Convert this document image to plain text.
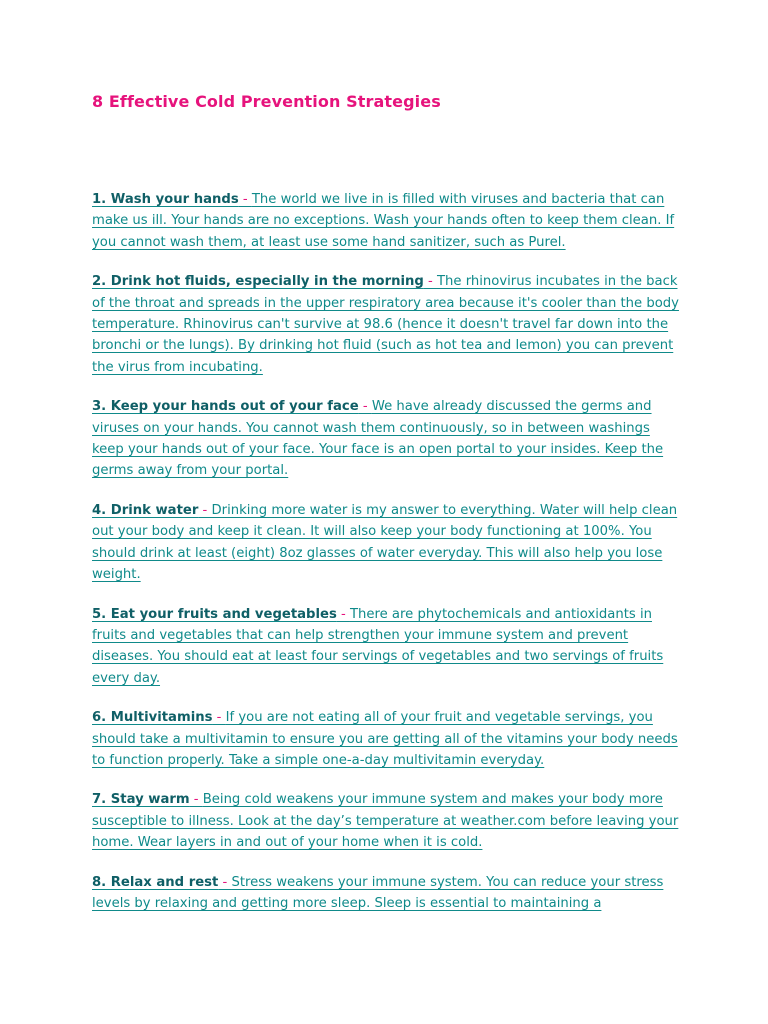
8 Effective Cold Prevention Strategies
1. Wash your hands - The world we live in is filled with viruses and bacteria that can make us ill. Your hands are no exceptions. Wash your hands often to keep them clean. If you cannot wash them, at least use some hand sanitizer, such as Purel.
2. Drink hot fluids, especially in the morning - The rhinovirus incubates in the back of the throat and spreads in the upper respiratory area because it's cooler than the body temperature. Rhinovirus can't survive at 98.6 (hence it doesn't travel far down into the bronchi or the lungs). By drinking hot fluid (such as hot tea and lemon) you can prevent the virus from incubating.
3. Keep your hands out of your face - We have already discussed the germs and viruses on your hands. You cannot wash them continuously, so in between washings keep your hands out of your face. Your face is an open portal to your insides. Keep the germs away from your portal.
4. Drink water - Drinking more water is my answer to everything. Water will help clean out your body and keep it clean. It will also keep your body functioning at 100%. You should drink at least (eight) 8oz glasses of water everyday. This will also help you lose weight.
5. Eat your fruits and vegetables - There are phytochemicals and antioxidants in fruits and vegetables that can help strengthen your immune system and prevent diseases. You should eat at least four servings of vegetables and two servings of fruits every day.
6. Multivitamins - If you are not eating all of your fruit and vegetable servings, you should take a multivitamin to ensure you are getting all of the vitamins your body needs to function properly. Take a simple one-a-day multivitamin everyday.
7. Stay warm - Being cold weakens your immune system and makes your body more susceptible to illness. Look at the day’s temperature at weather.com before leaving your home. Wear layers in and out of your home when it is cold.
8. Relax and rest - Stress weakens your immune system. You can reduce your stress levels by relaxing and getting more sleep. Sleep is essential to maintaining a
